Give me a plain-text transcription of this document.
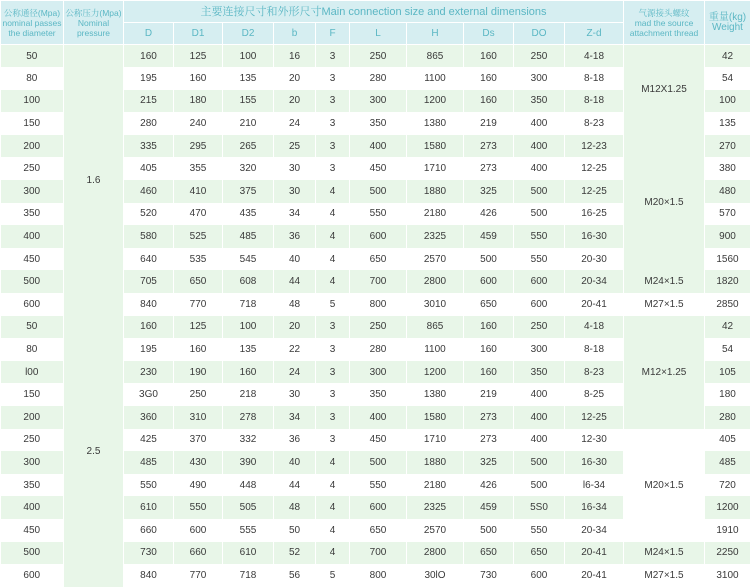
公称通径(Mpa)
nominal passes
the diameter	公称压力(Mpa)
Nominal
pressure	主要连接尺寸和外形尺寸Main connection size and external dimensions										气源接头螺纹
mad the source
attachment thread	重量(kg)
Weight
		D	D1	D2	b	F	L	H	Ds	DO	Z-d		
50	1.6	160	125	100	16	3	250	865	160	250	4-18	M12X1.25	42
80		195	160	135	20	3	280	1100	160	300	8-18		54
100		215	180	155	20	3	300	1200	160	350	8-18		100
150		280	240	210	24	3	350	1380	219	400	8-23		135
200		335	295	265	25	3	400	1580	273	400	12-23	M20×1.5	270
250		405	355	320	30	3	450	1710	273	400	12-25		380
300		460	410	375	30	4	500	1880	325	500	12-25		480
350		520	470	435	34	4	550	2180	426	500	16-25		570
400		580	525	485	36	4	600	2325	459	550	16-30		900
450		640	535	545	40	4	650	2570	500	550	20-30		1560
500		705	650	608	44	4	700	2800	600	600	20-34	M24×1.5	1820
600		840	770	718	48	5	800	3010	650	600	20-41	M27×1.5	2850
50	2.5	160	125	100	20	3	250	865	160	250	4-18	M12×1.25	42
80		195	160	135	22	3	280	1100	160	300	8-18		54
l00		230	190	160	24	3	300	1200	160	350	8-23		105
150		3G0	250	218	30	3	350	1380	219	400	8-25		180
200		360	310	278	34	3	400	1580	273	400	12-25		280
250		425	370	332	36	3	450	1710	273	400	12-30	M20×1.5	405
300		485	430	390	40	4	500	1880	325	500	16-30		485
350		550	490	448	44	4	550	2180	426	500	l6-34		720
400		610	550	505	48	4	600	2325	459	5S0	16-34		1200
450		660	600	555	50	4	650	2570	500	550	20-34		1910
500		730	660	610	52	4	700	2800	650	650	20-41	M24×1.5	2250
600		840	770	718	56	5	800	30lO	730	600	20-41	M27×1.5	3100
